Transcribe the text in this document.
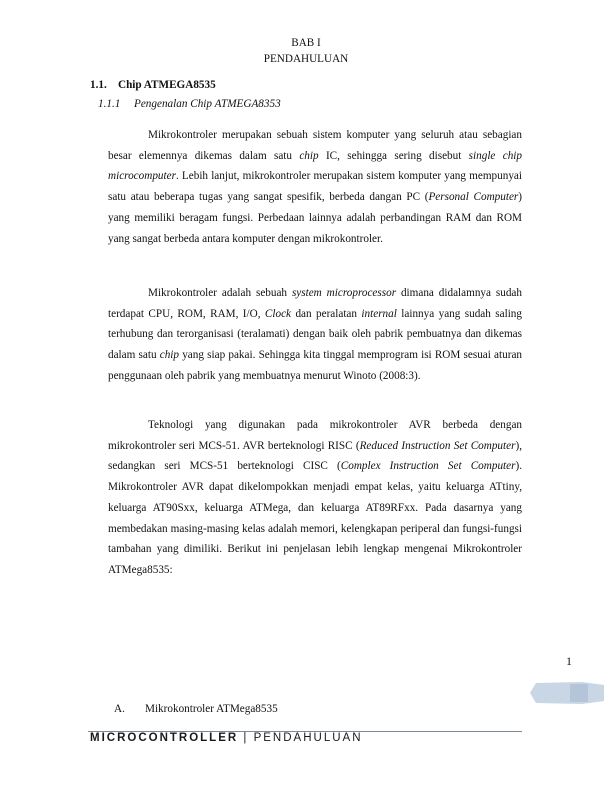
BAB I
PENDAHULUAN
1.1. Chip ATMEGA8535
1.1.1 Pengenalan Chip ATMEGA8353
Mikrokontroler merupakan sebuah sistem komputer yang seluruh atau sebagian besar elemennya dikemas dalam satu chip IC, sehingga sering disebut single chip microcomputer. Lebih lanjut, mikrokontroler merupakan sistem komputer yang mempunyai satu atau beberapa tugas yang sangat spesifik, berbeda dangan PC (Personal Computer) yang memiliki beragam fungsi. Perbedaan lainnya adalah perbandingan RAM dan ROM yang sangat berbeda antara komputer dengan mikrokontroler.
Mikrokontroler adalah sebuah system microprocessor dimana didalamnya sudah terdapat CPU, ROM, RAM, I/O, Clock dan peralatan internal lainnya yang sudah saling terhubung dan terorganisasi (teralamati) dengan baik oleh pabrik pembuatnya dan dikemas dalam satu chip yang siap pakai. Sehingga kita tinggal memprogram isi ROM sesuai aturan penggunaan oleh pabrik yang membuatnya menurut Winoto (2008:3).
Teknologi yang digunakan pada mikrokontroler AVR berbeda dengan mikrokontroler seri MCS-51. AVR berteknologi RISC (Reduced Instruction Set Computer), sedangkan seri MCS-51 berteknologi CISC (Complex Instruction Set Computer). Mikrokontroler AVR dapat dikelompokkan menjadi empat kelas, yaitu keluarga ATtiny, keluarga AT90Sxx, keluarga ATMega, dan keluarga AT89RFxx. Pada dasarnya yang membedakan masing-masing kelas adalah memori, kelengkapan periperal dan fungsi-fungsi tambahan yang dimiliki. Berikut ini penjelasan lebih lengkap mengenai Mikrokontroler ATMega8535:
1
A. Mikrokontroler ATMega8535
MICROCONTROLLER | PENDAHULUAN
